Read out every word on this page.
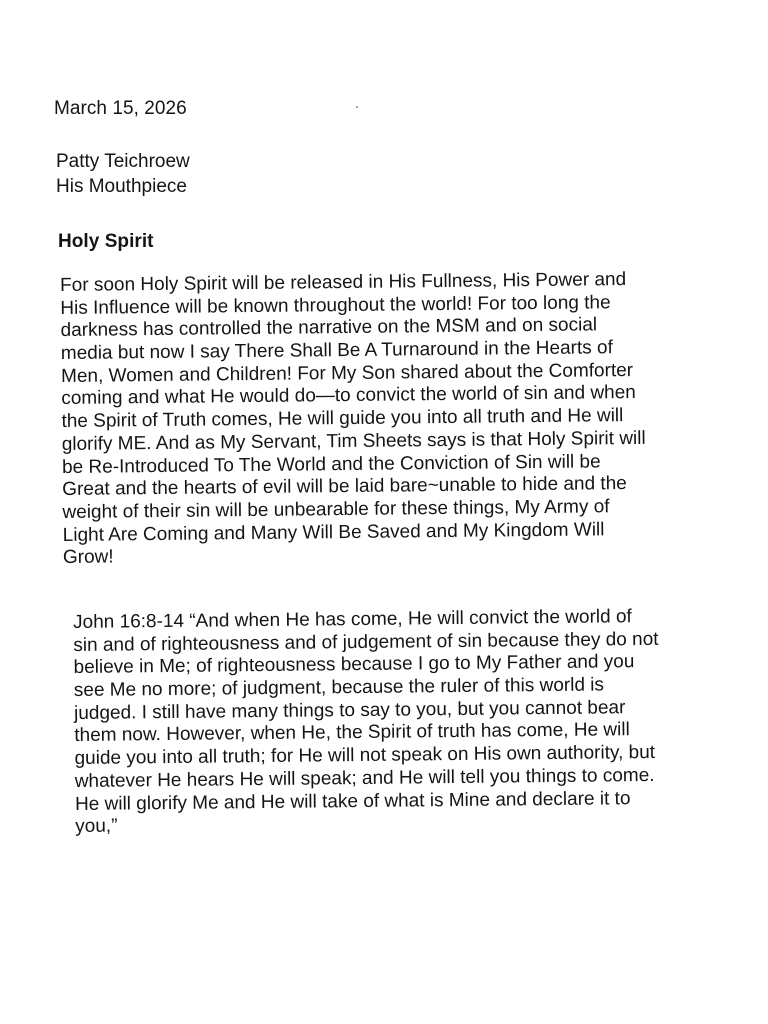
March 15, 2026
Patty Teichroew
His Mouthpiece
Holy Spirit
For soon Holy Spirit will be released in His Fullness, His Power and
His Influence will be known throughout the world! For too long the
darkness has controlled the narrative on the MSM and on social
media but now I say There Shall Be A Turnaround in the Hearts of
Men, Women and Children! For My Son shared about the Comforter
coming and what He would do—to convict the world of sin and when
the Spirit of Truth comes, He will guide you into all truth and He will
glorify ME. And as My Servant, Tim Sheets says is that Holy Spirit will
be Re-Introduced To The World and the Conviction of Sin will be
Great and the hearts of evil will be laid bare~unable to hide and the
weight of their sin will be unbearable for these things, My Army of
Light Are Coming and Many Will Be Saved and My Kingdom Will
Grow!
John 16:8-14 “And when He has come, He will convict the world of
sin and of righteousness and of judgement of sin because they do not
believe in Me; of righteousness because I go to My Father and you
see Me no more; of judgment, because the ruler of this world is
judged. I still have many things to say to you, but you cannot bear
them now. However, when He, the Spirit of truth has come, He will
guide you into all truth; for He will not speak on His own authority, but
whatever He hears He will speak; and He will tell you things to come.
He will glorify Me and He will take of what is Mine and declare it to
you,”
